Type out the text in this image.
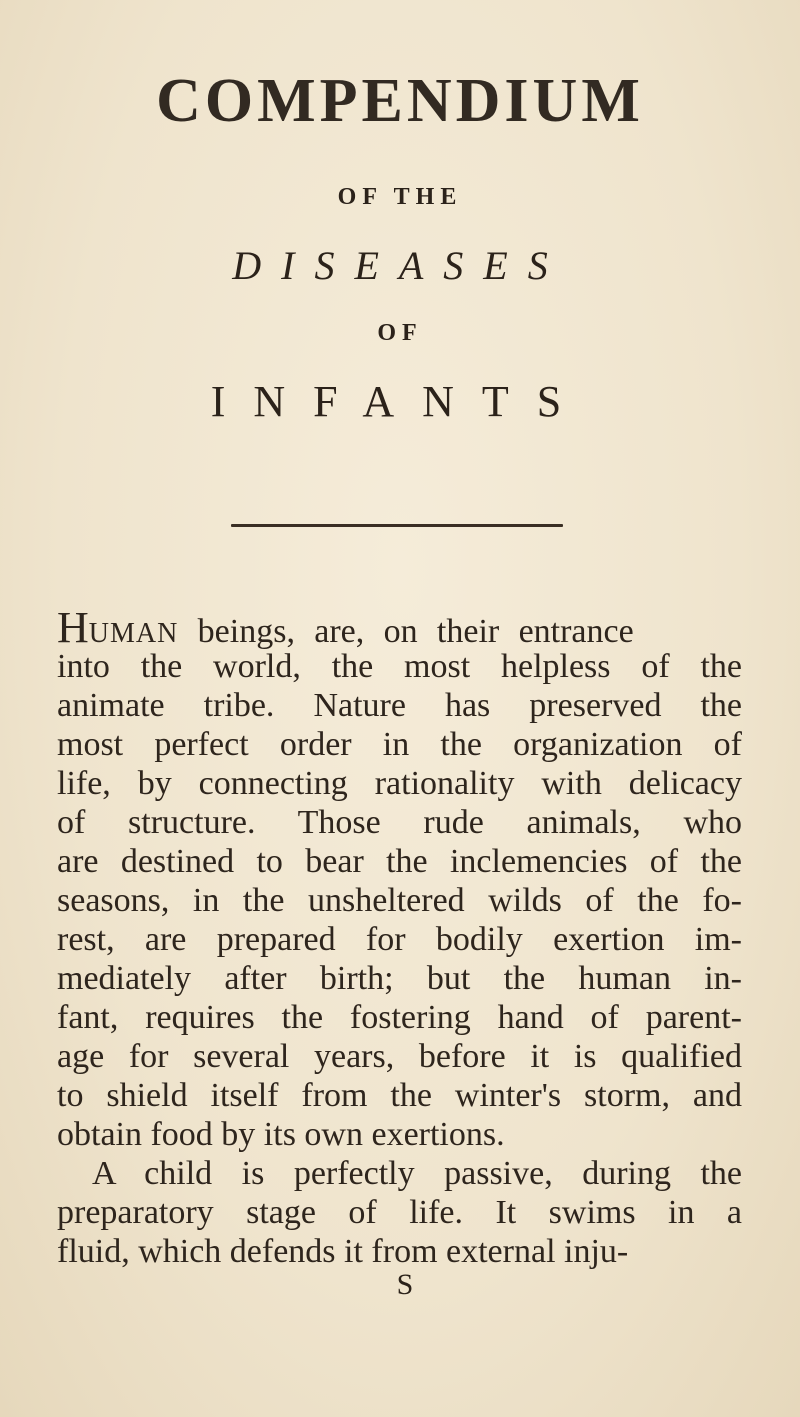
COMPENDIUM
OF THE
DISEASES
OF
INFANTS
HUMAN beings, are, on their entrance
into the world, the most helpless of the
animate tribe. Nature has preserved the
most perfect order in the organization of
life, by connecting rationality with delicacy
of structure. Those rude animals, who
are destined to bear the inclemencies of the
seasons, in the unsheltered wilds of the fo-
rest, are prepared for bodily exertion im-
mediately after birth; but the human in-
fant, requires the fostering hand of parent-
age for several years, before it is qualified
to shield itself from the winter's storm, and
obtain food by its own exertions.
A child is perfectly passive, during the
preparatory stage of life. It swims in a
fluid, which defends it from external inju-
S
